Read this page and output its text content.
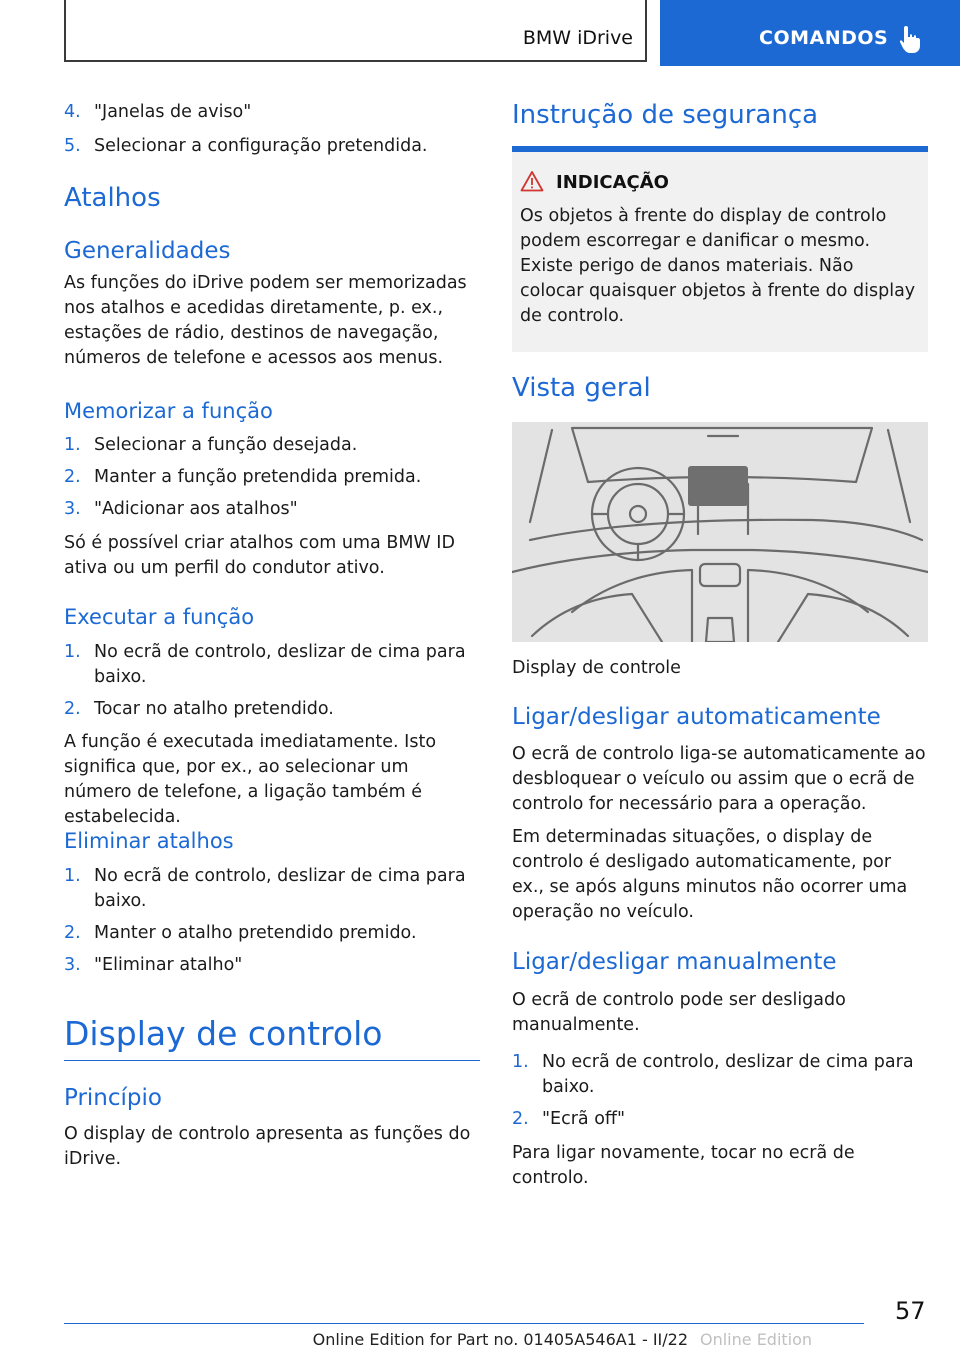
BMW iDrive	COMANDOS

4. "Janelas de aviso"

5. Selecionar a configuração pretendida.

Atalhos
Generalidades

As funções do iDrive podem ser memorizadas nos atalhos e acedidas diretamente, p. ex., estações de rádio, destinos de navegação, números de telefone e acessos aos menus.

Memorizar a função

1. Selecionar a função desejada.

2. Manter a função pretendida premida.

3. "Adicionar aos atalhos"

Só é possível criar atalhos com uma BMW ID ativa ou um perfil do condutor ativo.

Executar a função

1. No ecrã de controlo, deslizar de cima para baixo.

2. Tocar no atalho pretendido.

A função é executada imediatamente. Isto significa que, por ex., ao selecionar um número de telefone, a ligação também é estabelecida.

Eliminar atalhos

1. No ecrã de controlo, deslizar de cima para baixo.

2. Manter o atalho pretendido premido.

3. "Eliminar atalho"

Display de controlo
Princípio

O display de controlo apresenta as funções do iDrive.

Instrução de segurança
INDICAÇÃO

Os objetos à frente do display de controlo podem escorregar e danificar o mesmo. Existe perigo de danos materiais. Não colocar quaisquer objetos à frente do display de controlo.

Vista geral

Display de controle

Ligar/desligar automaticamente

O ecrã de controlo liga-se automaticamente ao desbloquear o veículo ou assim que o ecrã de controlo for necessário para a operação.

Em determinadas situações, o display de controlo é desligado automaticamente, por ex., se após alguns minutos não ocorrer uma operação no veículo.

Ligar/desligar manualmente

O ecrã de controlo pode ser desligado manualmente.

1. No ecrã de controlo, deslizar de cima para baixo.

2. "Ecrã off"

Para ligar novamente, tocar no ecrã de controlo.

57
Online Edition for Part no. 01405A546A1 - II/22 Online Edition
